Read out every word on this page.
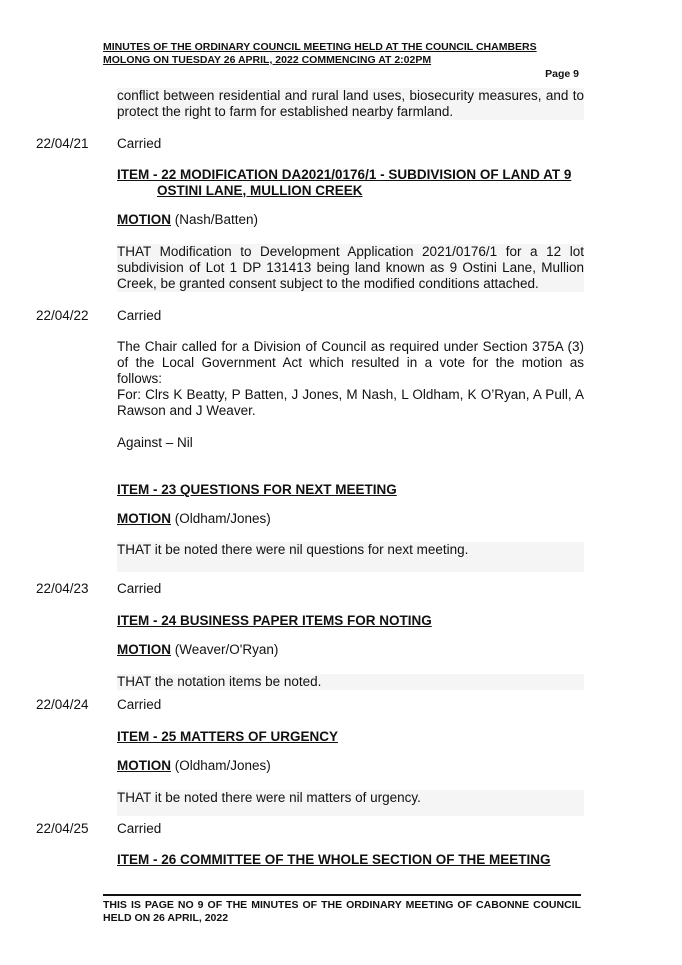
MINUTES OF THE ORDINARY COUNCIL MEETING HELD AT THE COUNCIL CHAMBERS
MOLONG ON TUESDAY 26 APRIL, 2022 COMMENCING AT 2:02PM
Page 9
conflict between residential and rural land uses, biosecurity measures, and to protect the right to farm for established nearby farmland.
22/04/21 Carried
ITEM - 22 MODIFICATION DA2021/0176/1 - SUBDIVISION OF LAND AT 9
OSTINI LANE, MULLION CREEK
MOTION (Nash/Batten)
THAT Modification to Development Application 2021/0176/1 for a 12 lot subdivision of Lot 1 DP 131413 being land known as 9 Ostini Lane, Mullion Creek, be granted consent subject to the modified conditions attached.
22/04/22 Carried
The Chair called for a Division of Council as required under Section 375A (3) of the Local Government Act which resulted in a vote for the motion as follows:
For: Clrs K Beatty, P Batten, J Jones, M Nash, L Oldham, K O’Ryan, A Pull, A Rawson and J Weaver.
Against – Nil
ITEM - 23 QUESTIONS FOR NEXT MEETING
MOTION (Oldham/Jones)
THAT it be noted there were nil questions for next meeting.
22/04/23 Carried
ITEM - 24 BUSINESS PAPER ITEMS FOR NOTING
MOTION (Weaver/O'Ryan)
THAT the notation items be noted.
22/04/24 Carried
ITEM - 25 MATTERS OF URGENCY
MOTION (Oldham/Jones)
THAT it be noted there were nil matters of urgency.
22/04/25 Carried
ITEM - 26 COMMITTEE OF THE WHOLE SECTION OF THE MEETING
THIS IS PAGE NO 9 OF THE MINUTES OF THE ORDINARY MEETING OF CABONNE COUNCIL HELD ON 26 APRIL, 2022
